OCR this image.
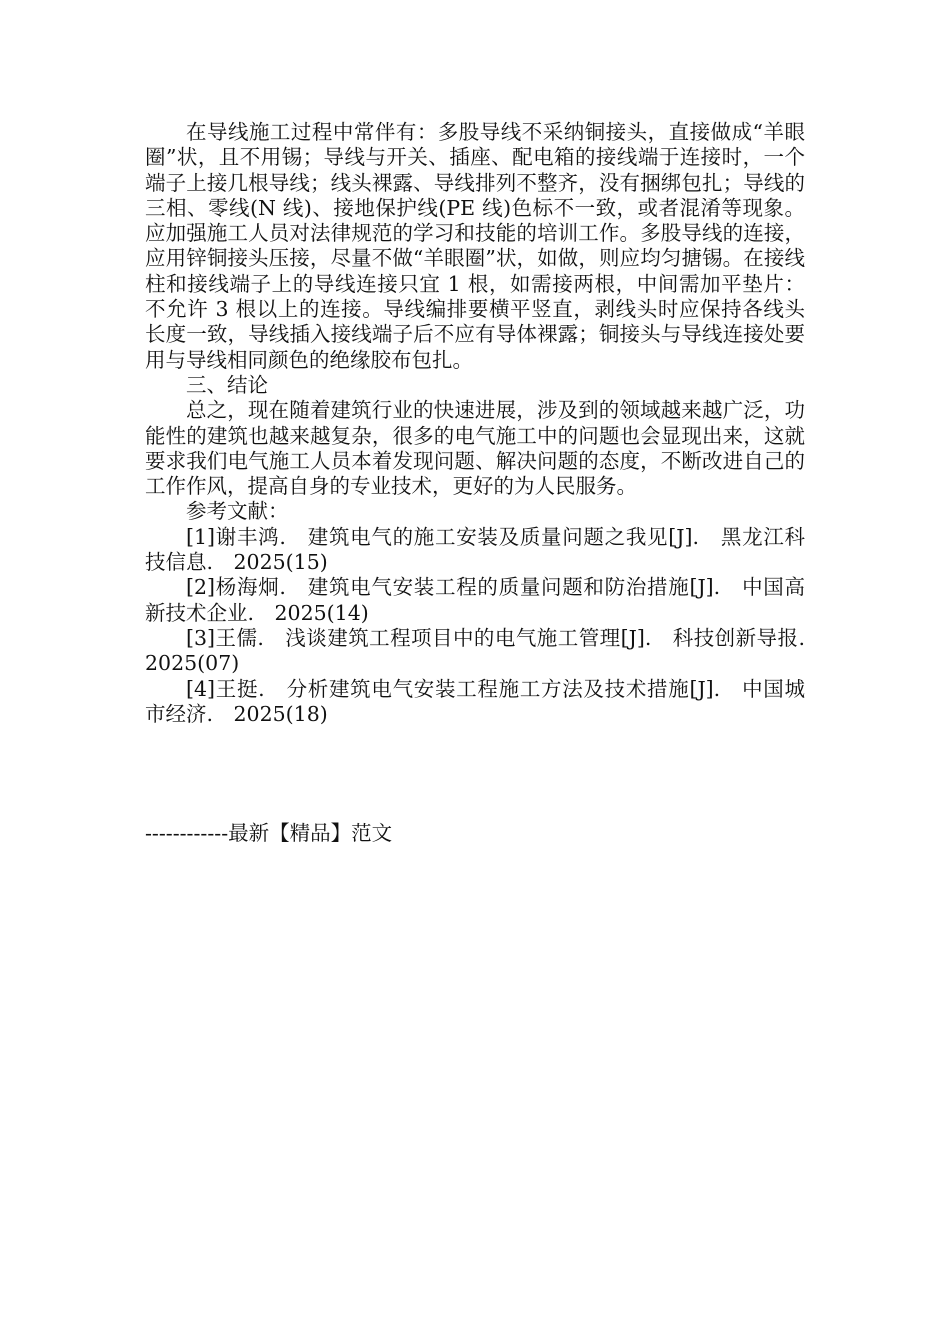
在导线施工过程中常伴有：多股导线不采纳铜接头，直接做成“羊眼圈”状，且不用锡；导线与开关、插座、配电箱的接线端于连接时，一个端子上接几根导线；线头裸露、导线排列不整齐，没有捆绑包扎；导线的三相、零线(N 线)、接地保护线(PE 线)色标不一致，或者混淆等现象。应加强施工人员对法律规范的学习和技能的培训工作。多股导线的连接，应用锌铜接头压接，尽量不做“羊眼圈”状，如做，则应均匀搪锡。在接线柱和接线端子上的导线连接只宜 1 根，如需接两根，中间需加平垫片：不允许 3 根以上的连接。导线编排要横平竖直，剥线头时应保持各线头长度一致，导线插入接线端子后不应有导体裸露；铜接头与导线连接处要用与导线相同颜色的绝缘胶布包扎。

三、结论

总之，现在随着建筑行业的快速进展，涉及到的领域越来越广泛，功能性的建筑也越来越复杂，很多的电气施工中的问题也会显现出来，这就要求我们电气施工人员本着发现问题、解决问题的态度，不断改进自己的工作作风，提高自身的专业技术，更好的为人民服务。

参考文献：

[1]谢丰鸿.　建筑电气的施工安装及质量问题之我见[J].　黑龙江科技信息.　2025(15)

[2]杨海炯.　建筑电气安装工程的质量问题和防治措施[J].　中国高新技术企业.　2025(14)

[3]王儒.　浅谈建筑工程项目中的电气施工管理[J].　科技创新导报.　2025(07)

[4]王挺.　分析建筑电气安装工程施工方法及技术措施[J].　中国城市经济.　2025(18)

------------最新【精品】范文
